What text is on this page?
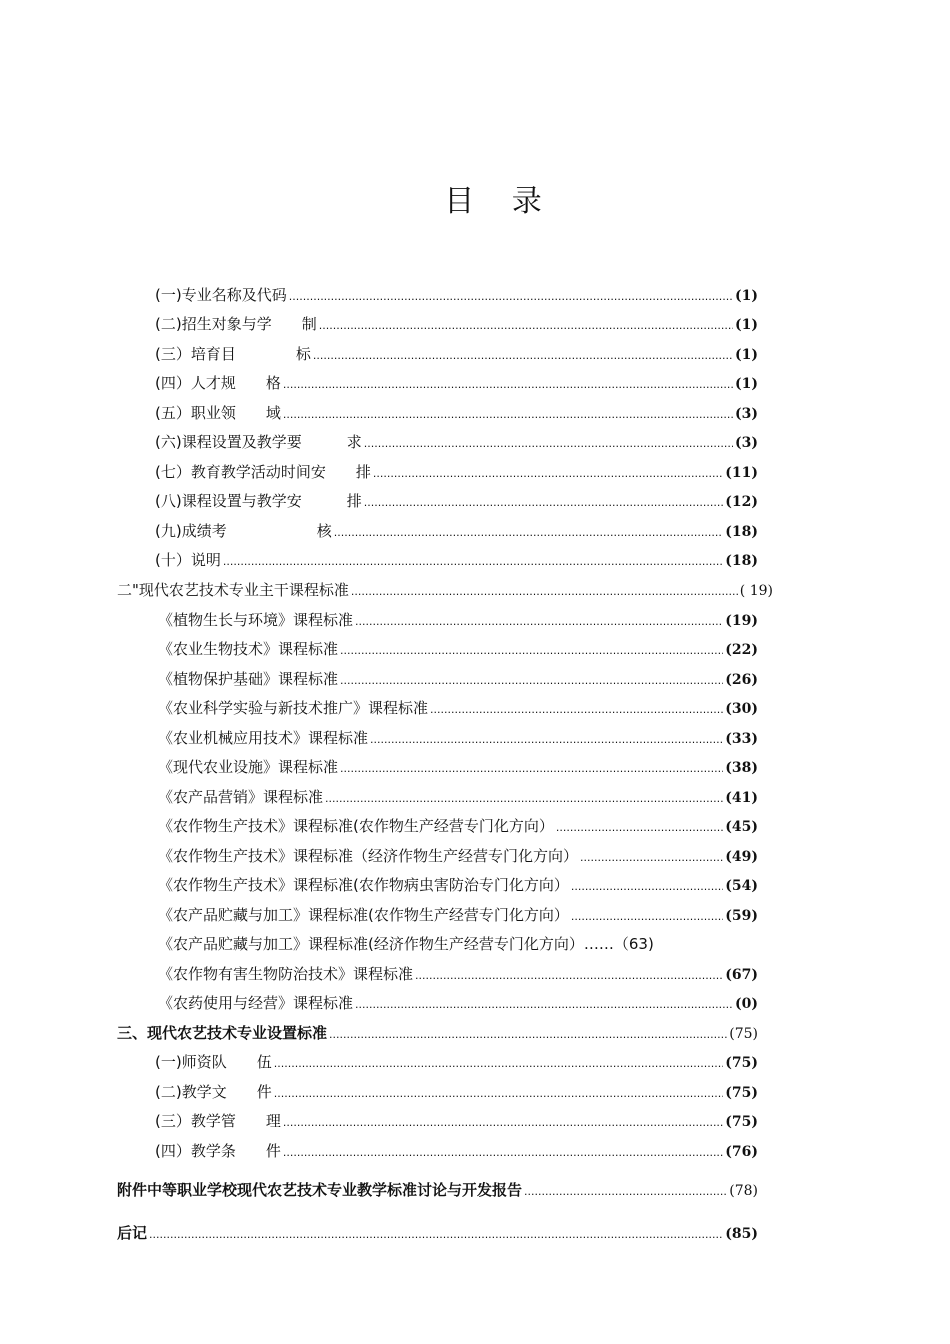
目 录
(一)专业名称及代码 .....	(1)
(二)招生对象与学　　制 .....	(1)
(三）培育目　　　　标 .....	(1)
(四）人才规　　格 .....	(1)
(五）职业领　　域 .....	(3)
(六)课程设置及教学要　　　求 .....	(3)
(七）教育教学活动时间安　　排 .....	(11)
(八)课程设置与教学安　　　排 .....	(12)
(九)成绩考　　　　　　核 .....	(18)
(十）说明 .....	(18)
二"现代农艺技术专业主干课程标准 .....	( 19)
《植物生长与环境》课程标准 .....	(19)
《农业生物技术》课程标准 .....	(22)
《植物保护基础》课程标准 .....	(26)
《农业科学实验与新技术推广》课程标准 .....	(30)
《农业机械应用技术》课程标准 .....	(33)
《现代农业设施》课程标准 .....	(38)
《农产品营销》课程标准 .....	(41)
《农作物生产技术》课程标准(农作物生产经营专门化方向） .....	(45)
《农作物生产技术》课程标准（经济作物生产经营专门化方向） .....	(49)
《农作物生产技术》课程标准(农作物病虫害防治专门化方向） .....	(54)
《农产品贮藏与加工》课程标准(农作物生产经营专门化方向） .....	(59)
《农产品贮藏与加工》课程标准(经济作物生产经营专门化方向）……（63)
《农作物有害生物防治技术》课程标准 .....	(67)
《农药使用与经营》课程标准 .....	(0)
三、现代农艺技术专业设置标准 .....	(75)
(一)师资队　　伍 .....	(75)
(二)教学文　　件 .....	(75)
(三）教学管　　理 .....	(75)
(四）教学条　　件 .....	(76)
附件中等职业学校现代农艺技术专业教学标准讨论与开发报告 .....	(78)
后记 .....	(85)
